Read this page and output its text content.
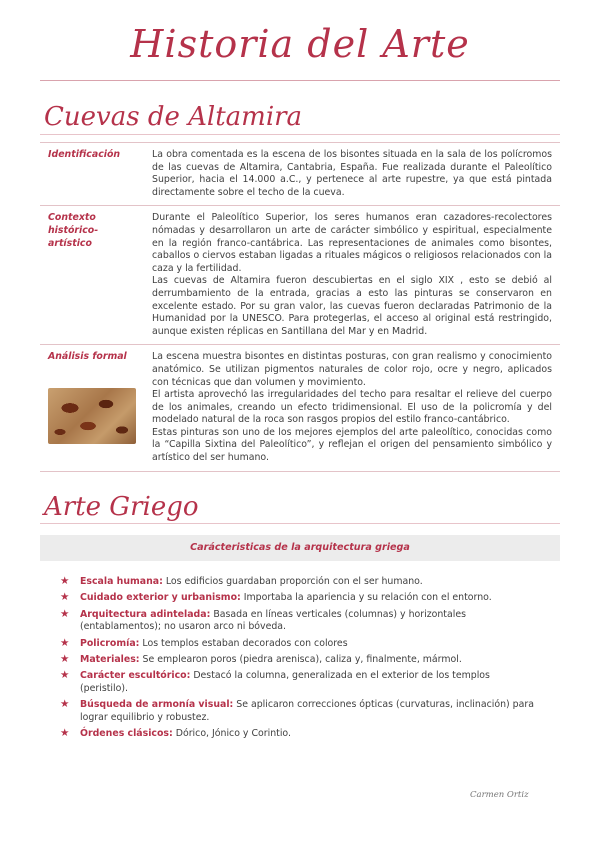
Historia del Arte
Cuevas de Altamira
Identificación	La obra comentada es la escena de los bisontes situada en la sala de los polícromos de las cuevas de Altamira, Cantabria, España. Fue realizada durante el Paleolítico Superior, hacia el 14.000 a.C., y pertenece al arte rupestre, ya que está pintada directamente sobre el techo de la cueva.

Contexto histórico-artístico	Durante el Paleolítico Superior, los seres humanos eran cazadores-recolectores nómadas y desarrollaron un arte de carácter simbólico y espiritual, especialmente en la región franco-cantábrica. Las representaciones de animales como bisontes, caballos o ciervos estaban ligadas a rituales mágicos o religiosos relacionados con la caza y la fertilidad.

Las cuevas de Altamira fueron descubiertas en el siglo XIX , esto se debió al derrumbamiento de la entrada, gracias a esto las pinturas se conservaron en excelente estado. Por su gran valor, las cuevas fueron declaradas Patrimonio de la Humanidad por la UNESCO. Para protegerlas, el acceso al original está restringido, aunque existen réplicas en Santillana del Mar y en Madrid.

Análisis formal	La escena muestra bisontes en distintas posturas, con gran realismo y conocimiento anatómico. Se utilizan pigmentos naturales de color rojo, ocre y negro, aplicados con técnicas que dan volumen y movimiento.

El artista aprovechó las irregularidades del techo para resaltar el relieve del cuerpo de los animales, creando un efecto tridimensional. El uso de la policromía y del modelado natural de la roca son rasgos propios del estilo franco-cantábrico.

Estas pinturas son uno de los mejores ejemplos del arte paleolítico, conocidas como la “Capilla Sixtina del Paleolítico”, y reflejan el origen del pensamiento simbólico y artístico del ser humano.

Arte Griego
Carácteristicas de la arquitectura griega
★ Escala humana: Los edificios guardaban proporción con el ser humano.
★ Cuidado exterior y urbanismo: Importaba la apariencia y su relación con el entorno.
★ Arquitectura adintelada: Basada en líneas verticales (columnas) y horizontales (entablamentos); no usaron arco ni bóveda.
★ Policromía: Los templos estaban decorados con colores
★ Materiales: Se emplearon poros (piedra arenisca), caliza y, finalmente, mármol.
★ Carácter escultórico: Destacó la columna, generalizada en el exterior de los templos (peristilo).
★ Búsqueda de armonía visual: Se aplicaron correcciones ópticas (curvaturas, inclinación) para lograr equilibrio y robustez.
★ Órdenes clásicos: Dórico, Jónico y Corintio.
Carmen Ortiz
